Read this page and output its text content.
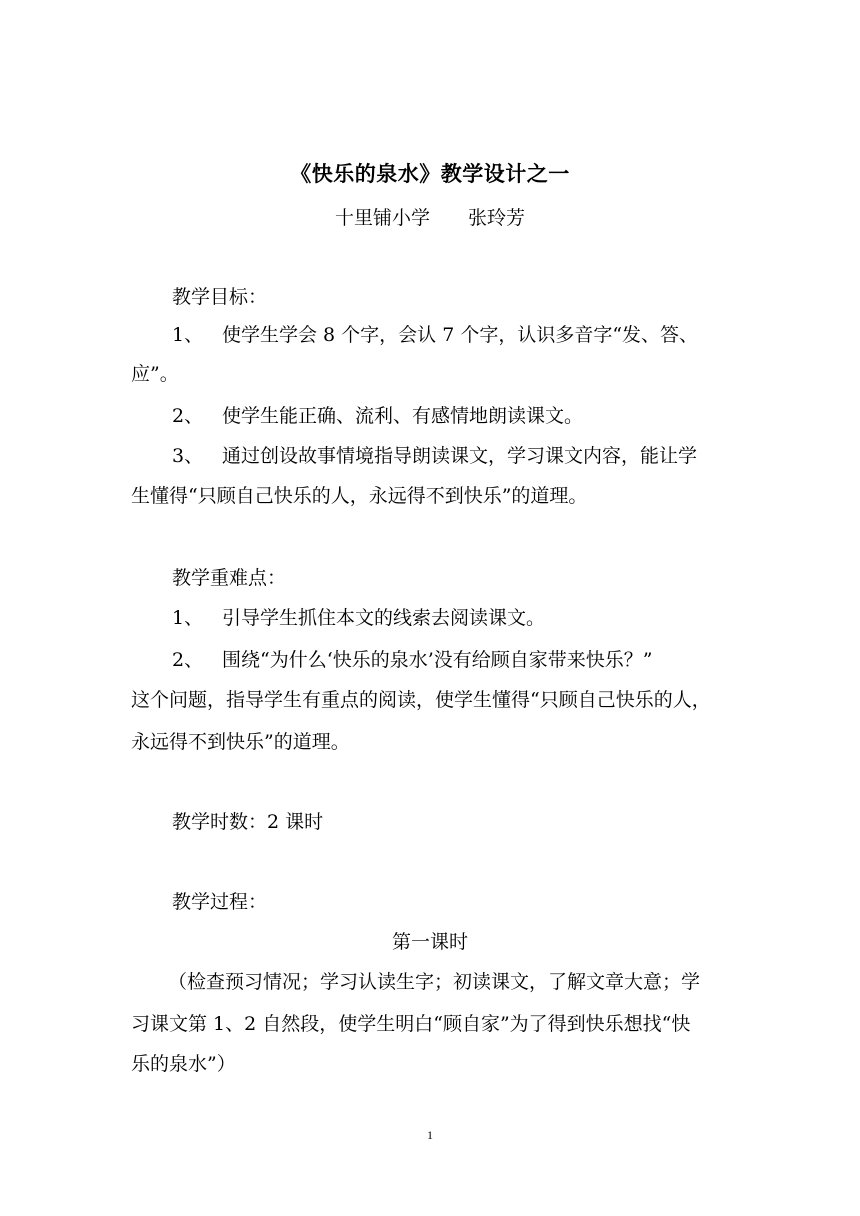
《快乐的泉水》教学设计之一
十里铺小学　　张玲芳
教学目标：
1、 使学生学会 8 个字，会认 7 个字，认识多音字“发、答、
应”。
2、 使学生能正确、流利、有感情地朗读课文。
3、 通过创设故事情境指导朗读课文，学习课文内容，能让学
生懂得“只顾自己快乐的人，永远得不到快乐”的道理。
教学重难点：
1、 引导学生抓住本文的线索去阅读课文。
2、 围绕“为什么‘快乐的泉水’没有给顾自家带来快乐？”
这个问题，指导学生有重点的阅读，使学生懂得“只顾自己快乐的人，
永远得不到快乐”的道理。
教学时数：2 课时
教学过程：
第一课时
（检查预习情况；学习认读生字；初读课文，了解文章大意；学
习课文第 1、2 自然段，使学生明白“顾自家”为了得到快乐想找“快
乐的泉水”）
1
